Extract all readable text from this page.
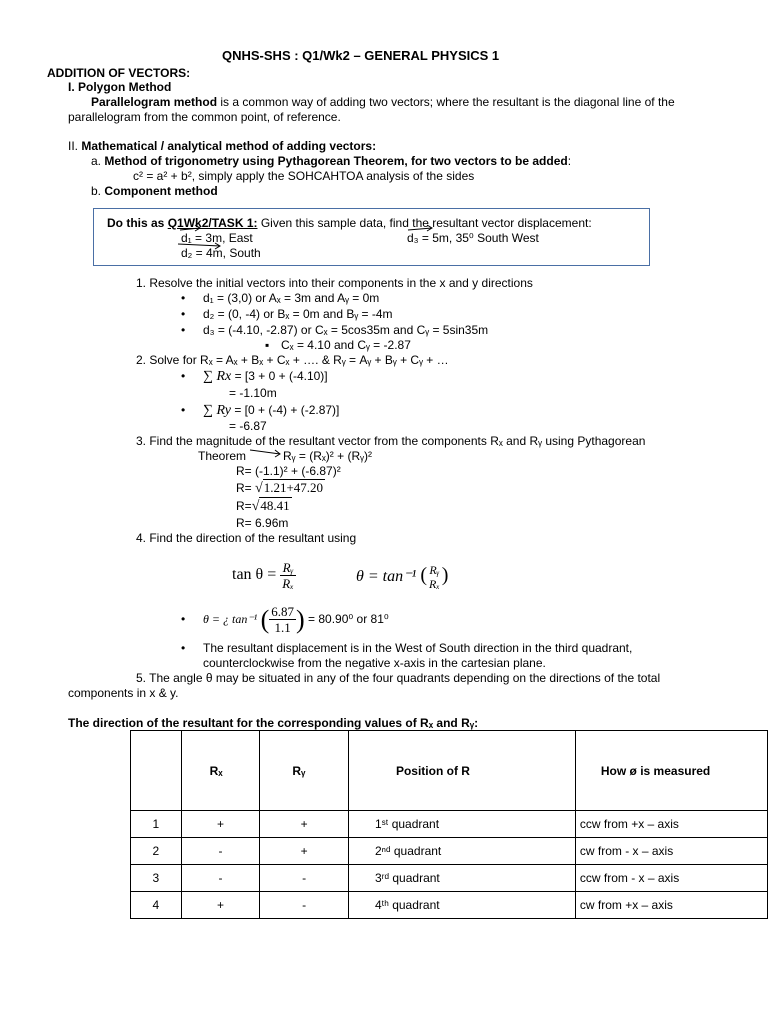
QNHS-SHS : Q1/Wk2 – GENERAL PHYSICS 1
ADDITION OF VECTORS:
I. Polygon Method
Parallelogram method is a common way of adding two vectors; where the resultant is the diagonal line of the
parallelogram from the common point, of reference.
II. Mathematical / analytical method of adding vectors:
a. Method of trigonometry using Pythagorean Theorem, for two vectors to be added:
c² = a² + b², simply apply the SOHCAHTOA analysis of the sides
b. Component method
Do this as Q1Wk2/TASK 1: Given this sample data, find the resultant vector displacement:
d₁ = 3m, East
d₂ = 4m, South
d₃ = 5m, 35⁰ South West
1. Resolve the initial vectors into their components in the x and y directions
• d₁ = (3,0) or Aₓ = 3m and Aᵧ = 0m
• d₂ = (0, -4) or Bₓ = 0m and Bᵧ = -4m
• d₃ = (-4.10, -2.87) or Cₓ = 5cos35m and Cᵧ = 5sin35m
▪ Cₓ = 4.10 and Cᵧ = -2.87
2. Solve for Rₓ = Aₓ + Bₓ + Cₓ + …. & Rᵧ = Aᵧ + Bᵧ + Cᵧ + …
• ∑ Rx = [3 + 0 + (-4.10)]
= -1.10m
• ∑ Ry = [0 + (-4) + (-2.87)]
= -6.87
3. Find the magnitude of the resultant vector from the components Rₓ and Rᵧ using Pythagorean
Theorem	Rᵧ = (Rₓ)² + (Rᵧ)²
R= (-1.1)² + (-6.87)²
R= √1.21+47.20
R=√48.41
R= 6.96m
4. Find the direction of the resultant using
$\tan \theta = \frac{\text{Rᵧ}}{\text{Rₓ}}$	θ = tan⁻¹ ( Rᵧ
Rₓ )
• θ = ¿ tan⁻¹ ( $\frac{6.87}{1.1}$ ) = 80.90⁰ or 81⁰
• The resultant displacement is in the West of South direction in the third quadrant,
counterclockwise from the negative x-axis in the cartesian plane.
5. The angle θ may be situated in any of the four quadrants depending on the directions of the total
components in x & y.
The direction of the resultant for the corresponding values of Rₓ and Rᵧ:
	Rₓ	Rᵧ	Position of R	How ø is measured
1	+	+	1ˢᵗ quadrant	ccw from +x – axis
2	-	+	2ⁿᵈ quadrant	cw from - x – axis
3	-	-	3ʳᵈ quadrant	ccw from - x – axis
4	+	-	4ᵗʰ quadrant	cw from +x – axis
